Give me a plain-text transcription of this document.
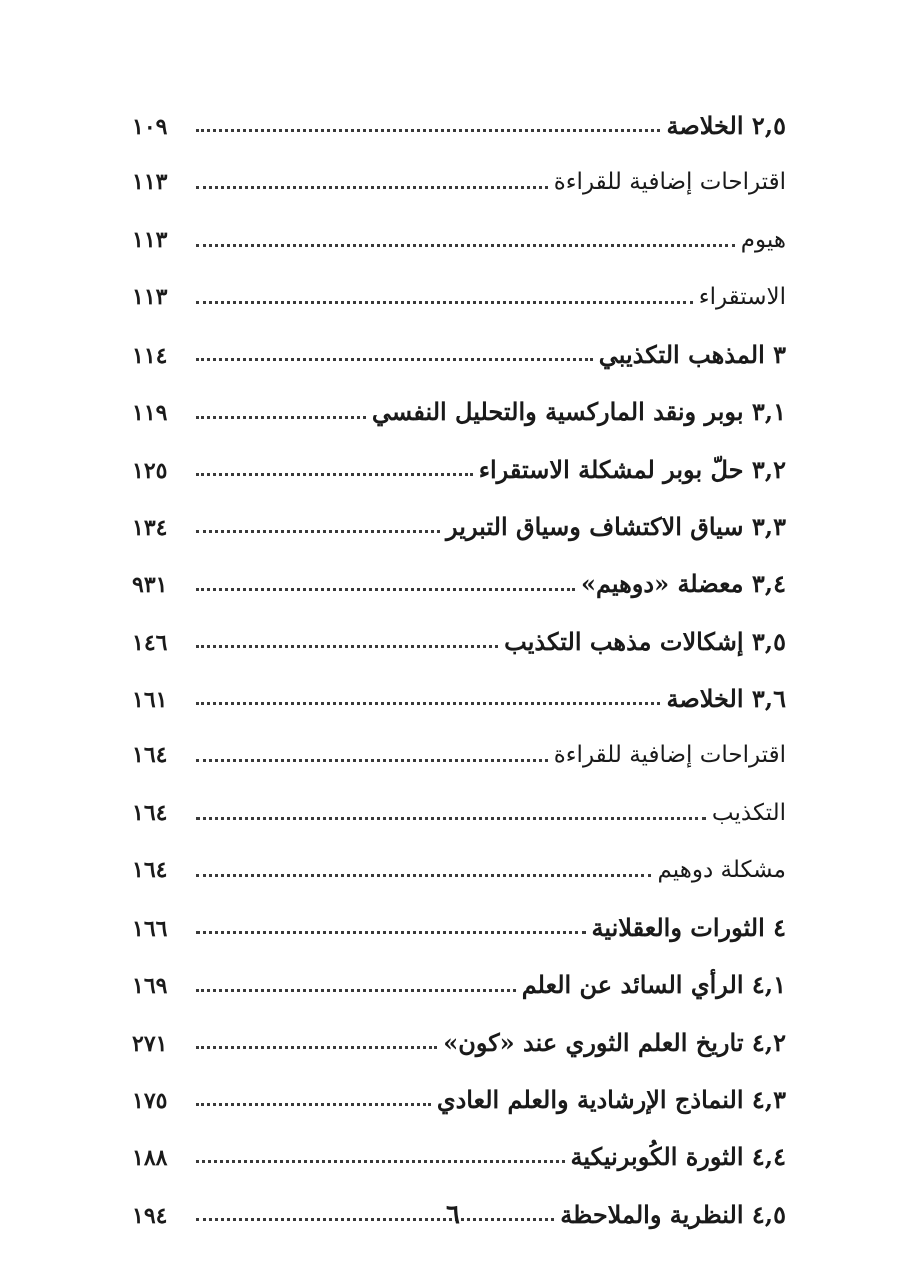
٢,٥ الخلاصة
١٠٩
اقتراحات إضافية للقراءة
١١٣
هيوم
١١٣
الاستقراء
١١٣
٣ المذهب التكذيبي
١١٤
٣,١ بوبر ونقد الماركسية والتحليل النفسي
١١٩
٣,٢ حلّ بوبر لمشكلة الاستقراء
١٢٥
٣,٣ سياق الاكتشاف وسياق التبرير
١٣٤
٣,٤ معضلة «دوهيم»
٩٣١
٣,٥ إشكالات مذهب التكذيب
١٤٦
٣,٦ الخلاصة
١٦١
اقتراحات إضافية للقراءة
١٦٤
التكذيب
١٦٤
مشكلة دوهيم
١٦٤
٤ الثورات والعقلانية
١٦٦
٤,١ الرأي السائد عن العلم
١٦٩
٤,٢ تاريخ العلم الثوري عند «كون»
٢٧١
٤,٣ النماذج الإرشادية والعلم العادي
١٧٥
٤,٤ الثورة الكُوبرنيكية
١٨٨
٤,٥ النظرية والملاحظة
١٩٤	٦
